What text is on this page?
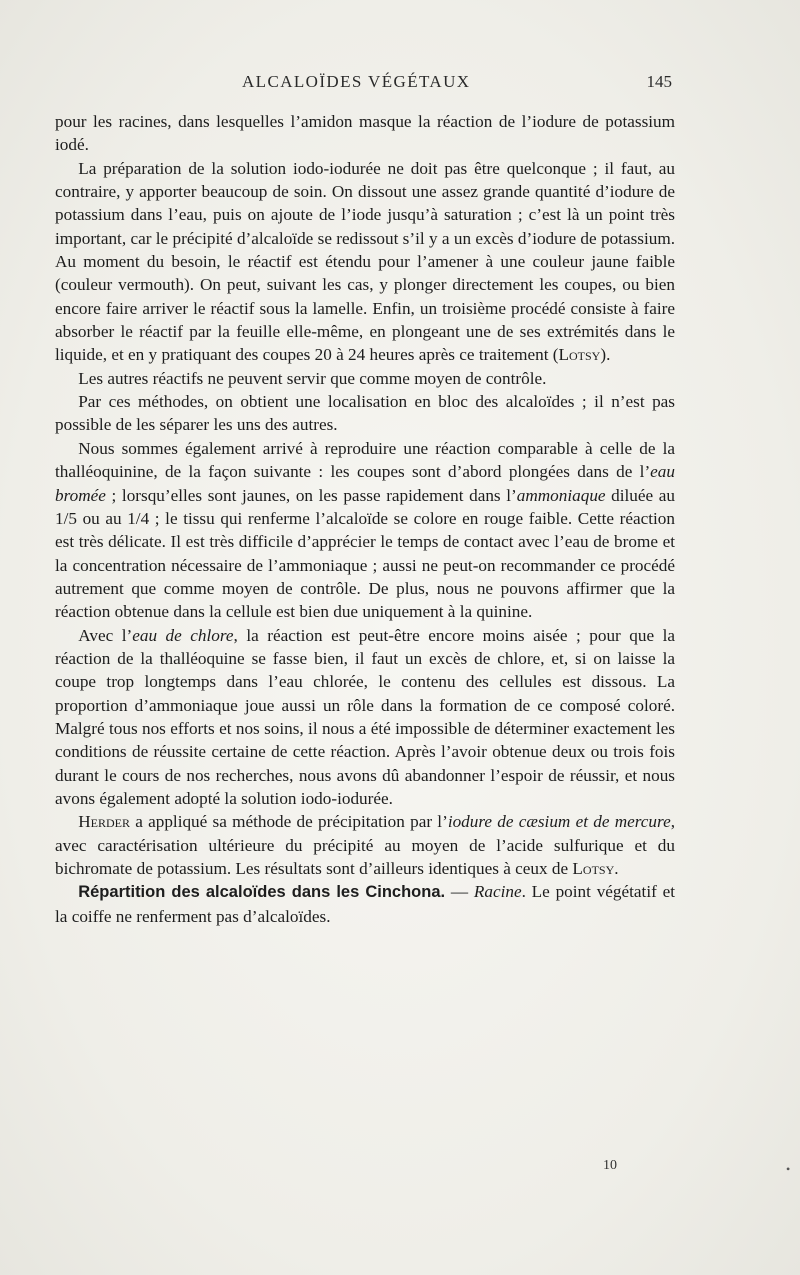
ALCALOÏDES VÉGÉTAUX	145

pour les racines, dans lesquelles l’amidon masque la réaction de l’iodure de potassium iodé.

La préparation de la solution iodo-iodurée ne doit pas être quelconque ; il faut, au contraire, y apporter beaucoup de soin. On dissout une assez grande quantité d’iodure de potassium dans l’eau, puis on ajoute de l’iode jusqu’à saturation ; c’est là un point très important, car le précipité d’alcaloïde se redissout s’il y a un excès d’iodure de potassium. Au moment du besoin, le réactif est étendu pour l’amener à une couleur jaune faible (couleur vermouth). On peut, suivant les cas, y plonger directement les coupes, ou bien encore faire arriver le réactif sous la lamelle. Enfin, un troisième procédé consiste à faire absorber le réactif par la feuille elle-même, en plongeant une de ses extrémités dans le liquide, et en y pratiquant des coupes 20 à 24 heures après ce traitement (Lotsy).

Les autres réactifs ne peuvent servir que comme moyen de contrôle.

Par ces méthodes, on obtient une localisation en bloc des alcaloïdes ; il n’est pas possible de les séparer les uns des autres.

Nous sommes également arrivé à reproduire une réaction comparable à celle de la thalléoquinine, de la façon suivante : les coupes sont d’abord plongées dans de l’eau bromée ; lorsqu’elles sont jaunes, on les passe rapidement dans l’ammoniaque diluée au 1/5 ou au 1/4 ; le tissu qui renferme l’alcaloïde se colore en rouge faible. Cette réaction est très délicate. Il est très difficile d’apprécier le temps de contact avec l’eau de brome et la concentration nécessaire de l’ammoniaque ; aussi ne peut-on recommander ce procédé autrement que comme moyen de contrôle. De plus, nous ne pouvons affirmer que la réaction obtenue dans la cellule est bien due uniquement à la quinine.

Avec l’eau de chlore, la réaction est peut-être encore moins aisée ; pour que la réaction de la thalléoquine se fasse bien, il faut un excès de chlore, et, si on laisse la coupe trop longtemps dans l’eau chlorée, le contenu des cellules est dissous. La proportion d’ammoniaque joue aussi un rôle dans la formation de ce composé coloré. Malgré tous nos efforts et nos soins, il nous a été impossible de déterminer exactement les conditions de réussite certaine de cette réaction. Après l’avoir obtenue deux ou trois fois durant le cours de nos recherches, nous avons dû abandonner l’espoir de réussir, et nous avons également adopté la solution iodo-iodurée.

Herder a appliqué sa méthode de précipitation par l’iodure de cæsium et de mercure, avec caractérisation ultérieure du précipité au moyen de l’acide sulfurique et du bichromate de potassium. Les résultats sont d’ailleurs identiques à ceux de Lotsy.

Répartition des alcaloïdes dans les Cinchona. — Racine. Le point végétatif et la coiffe ne renferment pas d’alcaloïdes.

10	•
